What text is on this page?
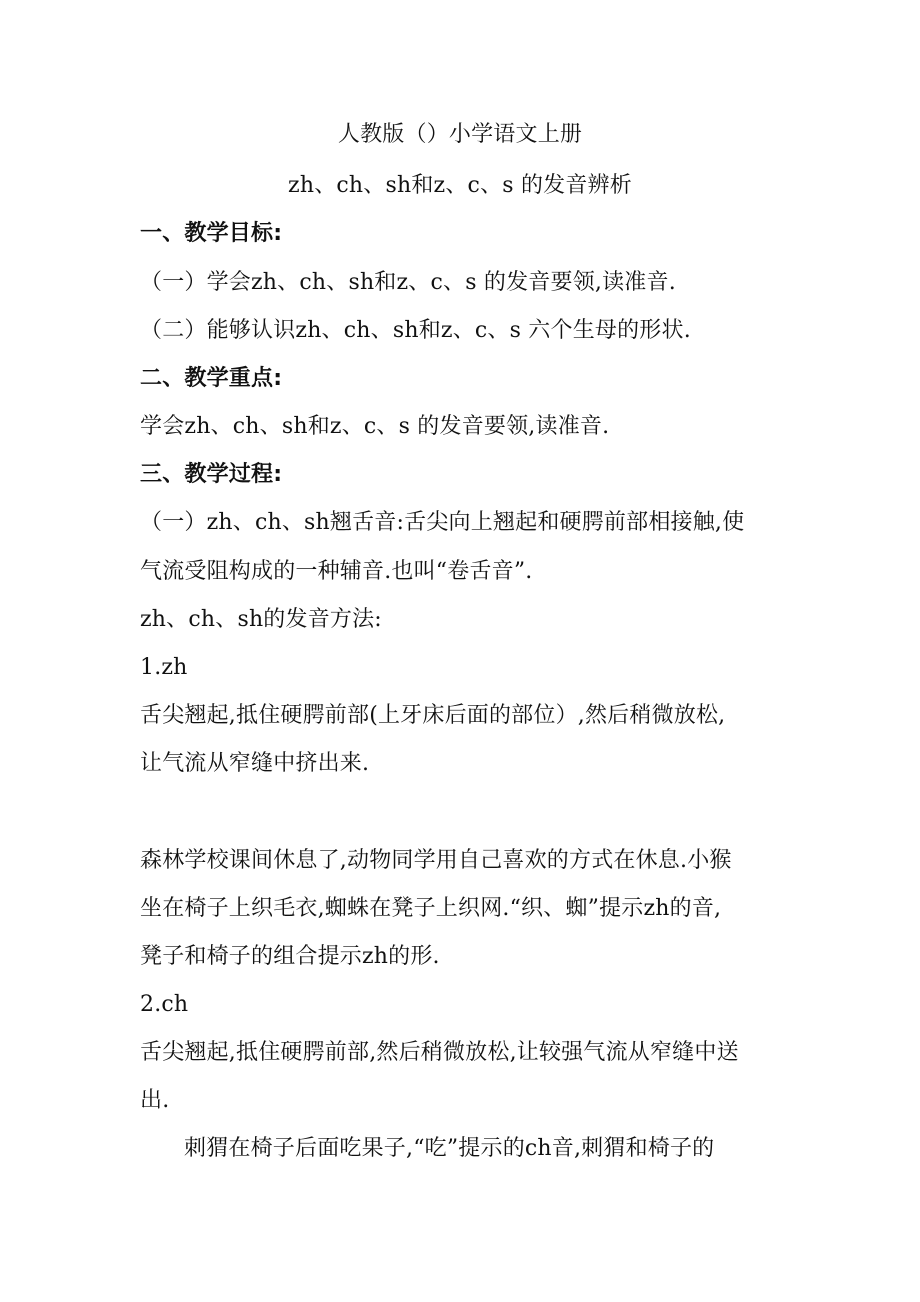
人教版（）小学语文上册
zh、ch、sh和z、c、s 的发音辨析
一、教学目标:
（一）学会zh、ch、sh和z、c、s 的发音要领,读准音.
（二）能够认识zh、ch、sh和z、c、s 六个生母的形状.
二、教学重点:
学会zh、ch、sh和z、c、s 的发音要领,读准音.
三、教学过程:
（一）zh、ch、sh翘舌音:舌尖向上翘起和硬腭前部相接触,使
气流受阻构成的一种辅音.也叫“卷舌音”.
zh、ch、sh的发音方法:
1.zh
舌尖翘起,抵住硬腭前部(上牙床后面的部位）,然后稍微放松,
让气流从窄缝中挤出来.
森林学校课间休息了,动物同学用自己喜欢的方式在休息.小猴
坐在椅子上织毛衣,蜘蛛在凳子上织网.“织、蜘”提示zh的音,
凳子和椅子的组合提示zh的形.
2.ch
舌尖翘起,抵住硬腭前部,然后稍微放松,让较强气流从窄缝中送
出.
刺猬在椅子后面吃果子,“吃”提示的ch音,刺猬和椅子的
